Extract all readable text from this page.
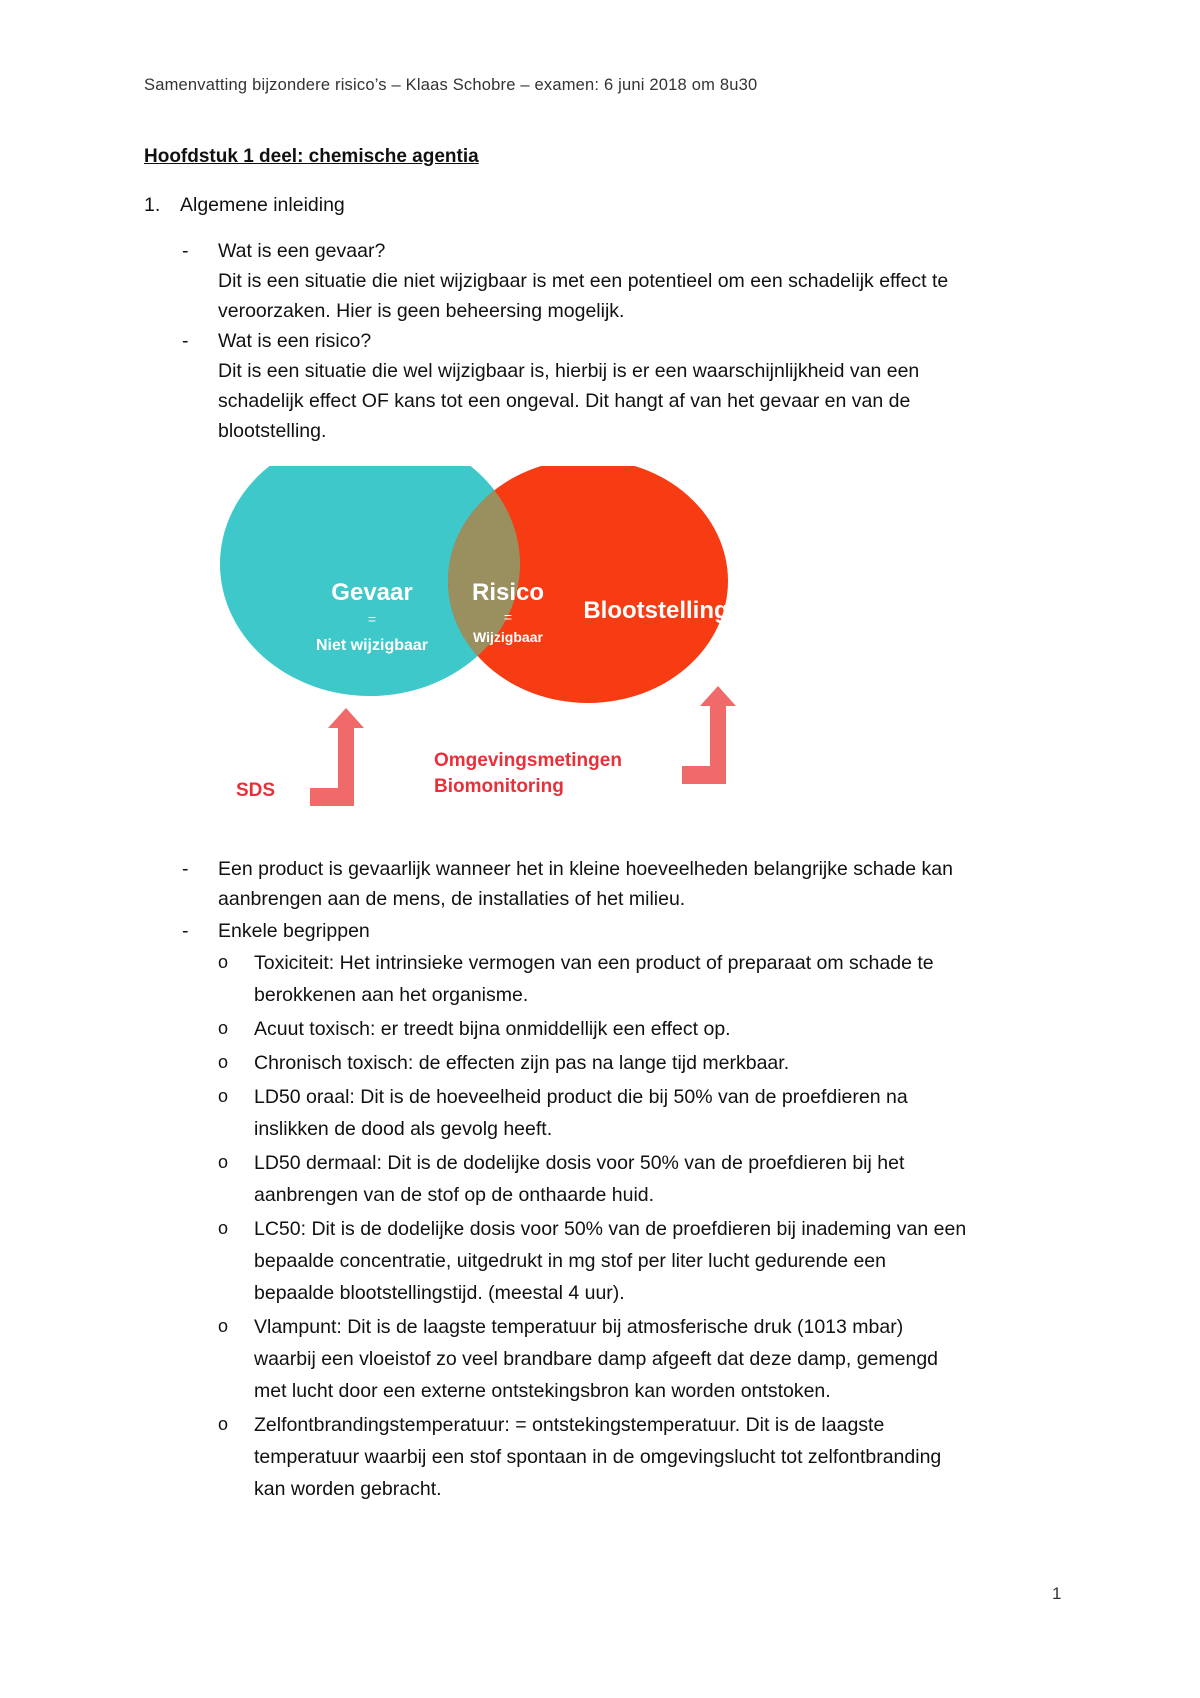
Samenvatting bijzondere risico’s – Klaas Schobre – examen: 6 juni 2018 om 8u30
Hoofdstuk 1 deel: chemische agentia
1. Algemene inleiding
- Wat is een gevaar?
Dit is een situatie die niet wijzigbaar is met een potentieel om een schadelijk effect te
veroorzaken. Hier is geen beheersing mogelijk.
- Wat is een risico?
Dit is een situatie die wel wijzigbaar is, hierbij is er een waarschijnlijkheid van een
schadelijk effect OF kans tot een ongeval. Dit hangt af van het gevaar en van de
blootstelling.
Gevaar
=
Niet wijzigbaar
Risico
=
Wijzigbaar
Blootstelling
SDS
Omgevingsmetingen
Biomonitoring
- Een product is gevaarlijk wanneer het in kleine hoeveelheden belangrijke schade kan
aanbrengen aan de mens, de installaties of het milieu.
- Enkele begrippen
o Toxiciteit: Het intrinsieke vermogen van een product of preparaat om schade te
berokkenen aan het organisme.
o Acuut toxisch: er treedt bijna onmiddellijk een effect op.
o Chronisch toxisch: de effecten zijn pas na lange tijd merkbaar.
o LD50 oraal: Dit is de hoeveelheid product die bij 50% van de proefdieren na
inslikken de dood als gevolg heeft.
o LD50 dermaal: Dit is de dodelijke dosis voor 50% van de proefdieren bij het
aanbrengen van de stof op de onthaarde huid.
o LC50: Dit is de dodelijke dosis voor 50% van de proefdieren bij inademing van een
bepaalde concentratie, uitgedrukt in mg stof per liter lucht gedurende een
bepaalde blootstellingstijd. (meestal 4 uur).
o Vlampunt: Dit is de laagste temperatuur bij atmosferische druk (1013 mbar)
waarbij een vloeistof zo veel brandbare damp afgeeft dat deze damp, gemengd
met lucht door een externe ontstekingsbron kan worden ontstoken.
o Zelfontbrandingstemperatuur: = ontstekingstemperatuur. Dit is de laagste
temperatuur waarbij een stof spontaan in de omgevingslucht tot zelfontbranding
kan worden gebracht.
1
